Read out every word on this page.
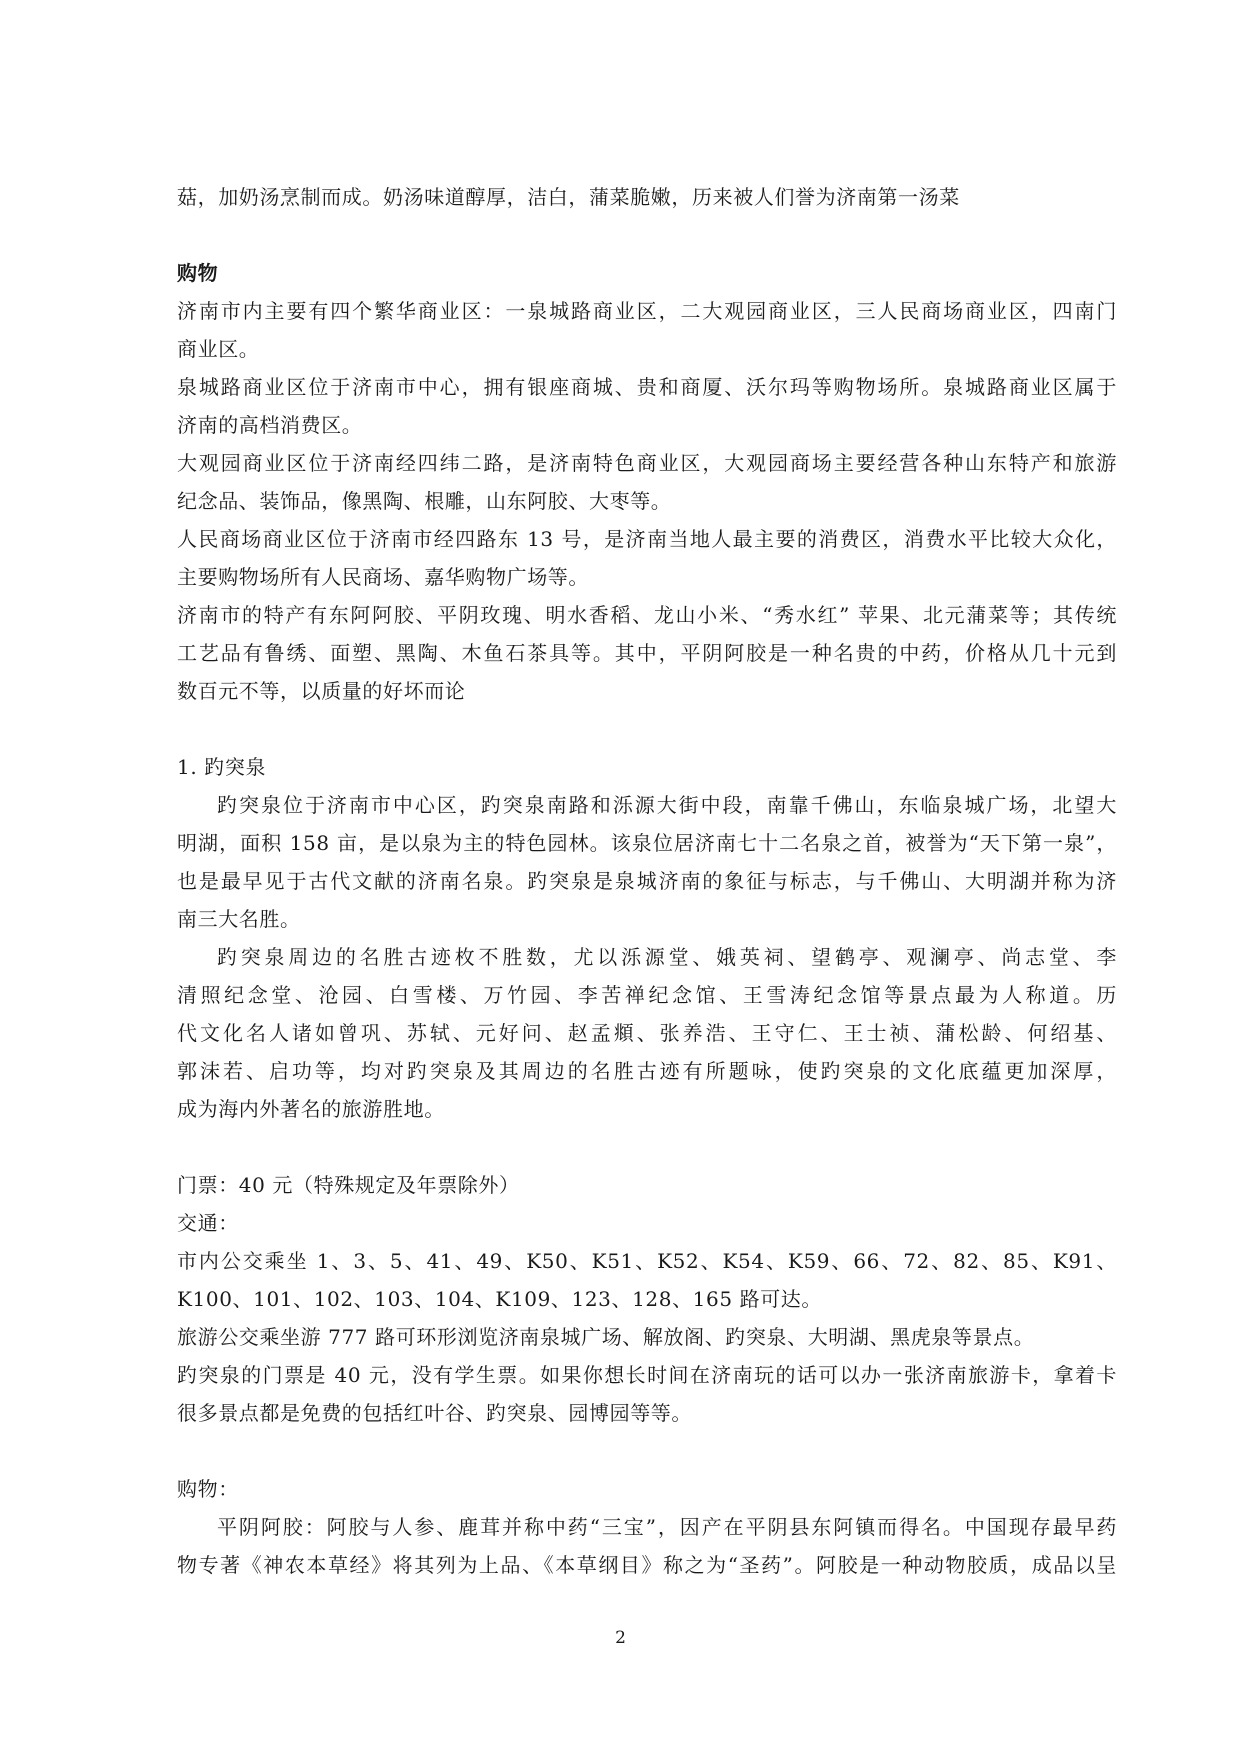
菇，加奶汤烹制而成。奶汤味道醇厚，洁白，蒲菜脆嫩，历来被人们誉为济南第一汤菜
购物
济南市内主要有四个繁华商业区：一泉城路商业区，二大观园商业区，三人民商场商业区，四南门
商业区。
泉城路商业区位于济南市中心，拥有银座商城、贵和商厦、沃尔玛等购物场所。泉城路商业区属于
济南的高档消费区。
大观园商业区位于济南经四纬二路，是济南特色商业区，大观园商场主要经营各种山东特产和旅游
纪念品、装饰品，像黑陶、根雕，山东阿胶、大枣等。
人民商场商业区位于济南市经四路东 13 号，是济南当地人最主要的消费区，消费水平比较大众化，
主要购物场所有人民商场、嘉华购物广场等。
济南市的特产有东阿阿胶、平阴玫瑰、明水香稻、龙山小米、“秀水红” 苹果、北元蒲菜等；其传统
工艺品有鲁绣、面塑、黑陶、木鱼石茶具等。其中，平阴阿胶是一种名贵的中药，价格从几十元到
数百元不等，以质量的好坏而论
1. 趵突泉
趵突泉位于济南市中心区，趵突泉南路和泺源大街中段，南靠千佛山，东临泉城广场，北望大
明湖，面积 158 亩，是以泉为主的特色园林。该泉位居济南七十二名泉之首，被誉为“天下第一泉”，
也是最早见于古代文献的济南名泉。趵突泉是泉城济南的象征与标志，与千佛山、大明湖并称为济
南三大名胜。
趵突泉周边的名胜古迹枚不胜数，尤以泺源堂、娥英祠、望鹤亭、观澜亭、尚志堂、李
清照纪念堂、沧园、白雪楼、万竹园、李苦禅纪念馆、王雪涛纪念馆等景点最为人称道。历
代文化名人诸如曾巩、苏轼、元好问、赵孟頫、张养浩、王守仁、王士祯、蒲松龄、何绍基、
郭沫若、启功等，均对趵突泉及其周边的名胜古迹有所题咏，使趵突泉的文化底蕴更加深厚，
成为海内外著名的旅游胜地。
门票：40 元（特殊规定及年票除外）
交通：
市内公交乘坐 1、3、5、41、49、K50、K51、K52、K54、K59、66、72、82、85、K91、
K100、101、102、103、104、K109、123、128、165 路可达。
旅游公交乘坐游 777 路可环形浏览济南泉城广场、解放阁、趵突泉、大明湖、黑虎泉等景点。
趵突泉的门票是 40 元，没有学生票。如果你想长时间在济南玩的话可以办一张济南旅游卡，拿着卡
很多景点都是免费的包括红叶谷、趵突泉、园博园等等。
购物：
平阴阿胶：阿胶与人参、鹿茸并称中药“三宝”，因产在平阴县东阿镇而得名。中国现存最早药
物专著《神农本草经》将其列为上品、《本草纲目》称之为“圣药”。阿胶是一种动物胶质，成品以呈
2
